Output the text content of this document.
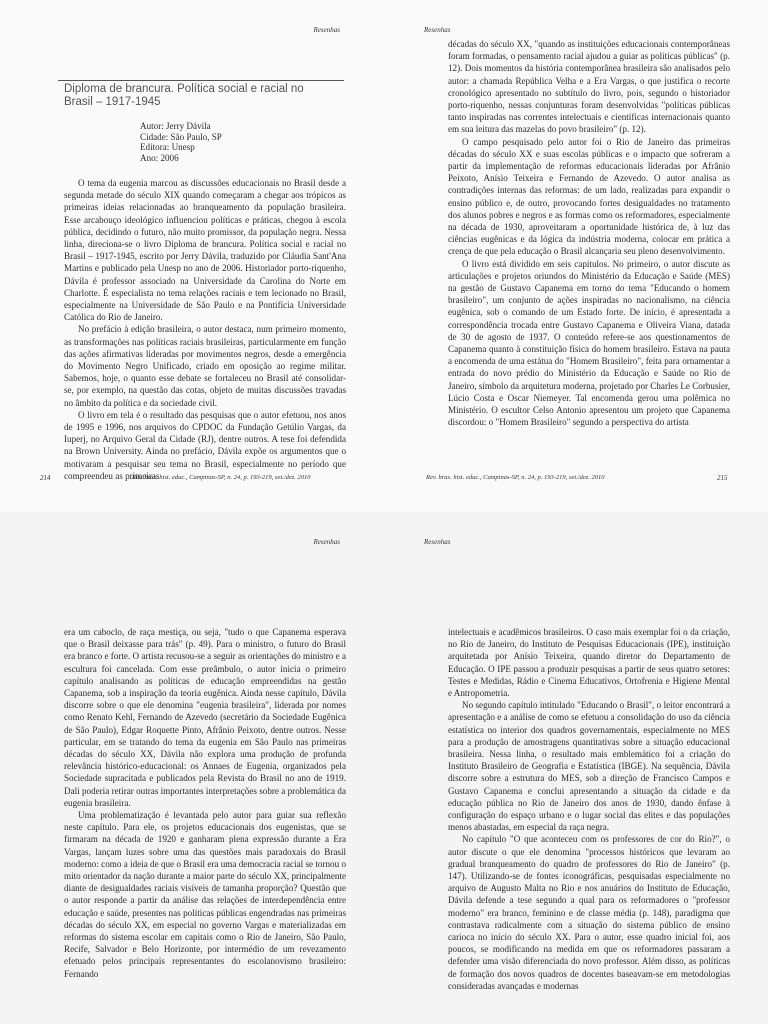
Resenhas
Diploma de brancura. Política social e racial no Brasil – 1917-1945
Autor: Jerry Dávila
Cidade: São Paulo, SP
Editora: Unesp
Ano: 2006

O tema da eugenia marcou as discussões educacionais no Brasil desde a segunda metade do século XIX quando começaram a chegar aos trópicos as primeiras ideias relacionadas ao branqueamento da população brasileira. Esse arcabouço ideológico influenciou políticas e práticas, chegou à escola pública, decidindo o futuro, não muito promissor, da população negra. Nessa linha, direciona-se o livro Diploma de brancura. Política social e racial no Brasil – 1917-1945, escrito por Jerry Dávila, traduzido por Cláudia Sant'Ana Martins e publicado pela Unesp no ano de 2006. Historiador porto-riquenho, Dávila é professor associado na Universidade da Carolina do Norte em Charlotte. É especialista no tema relações raciais e tem lecionado no Brasil, especialmente na Universidade de São Paulo e na Pontifícia Universidade Católica do Rio de Janeiro.

No prefácio à edição brasileira, o autor destaca, num primeiro momento, as transformações nas políticas raciais brasileiras, particularmente em função das ações afirmativas lideradas por movimentos negros, desde a emergência do Movimento Negro Unificado, criado em oposição ao regime militar. Sabemos, hoje, o quanto esse debate se fortaleceu no Brasil até consolidar-se, por exemplo, na questão das cotas, objeto de muitas discussões travadas no âmbito da política e da sociedade civil.

O livro em tela é o resultado das pesquisas que o autor efetuou, nos anos de 1995 e 1996, nos arquivos do CPDOC da Fundação Getúlio Vargas, da Iuperj, no Arquivo Geral da Cidade (RJ), dentre outros. A tese foi defendida na Brown University. Ainda no prefácio, Dávila expõe os argumentos que o motivaram a pesquisar seu tema no Brasil, especialmente no período que compreendeu as primeiras

214	Rev. bras. hist. educ., Campinas-SP, n. 24, p. 193-219, set./dez. 2010
Resenhas

décadas do século XX, "quando as instituições educacionais contemporâneas foram formadas, o pensamento racial ajudou a guiar as políticas públicas" (p. 12). Dois momentos da história contemporânea brasileira são analisados pelo autor: a chamada República Velha e a Era Vargas, o que justifica o recorte cronológico apresentado no subtítulo do livro, pois, segundo o historiador porto-riquenho, nessas conjunturas foram desenvolvidas "políticas públicas tanto inspiradas nas correntes intelectuais e científicas internacionais quanto em sua leitura das mazelas do povo brasileiro" (p. 12).

O campo pesquisado pelo autor foi o Rio de Janeiro das primeiras décadas do século XX e suas escolas públicas e o impacto que sofreram a partir da implementação de reformas educacionais lideradas por Afrânio Peixoto, Anísio Teixeira e Fernando de Azevedo. O autor analisa as contradições internas das reformas: de um lado, realizadas para expandir o ensino público e, de outro, provocando fortes desigualdades no tratamento dos alunos pobres e negros e as formas como os reformadores, especialmente na década de 1930, aproveitaram a oportunidade histórica de, à luz das ciências eugênicas e da lógica da indústria moderna, colocar em prática a crença de que pela educação o Brasil alcançaria seu pleno desenvolvimento.

O livro está dividido em seis capítulos. No primeiro, o autor discute as articulações e projetos oriundos do Ministério da Educação e Saúde (MES) na gestão de Gustavo Capanema em torno do tema "Educando o homem brasileiro", um conjunto de ações inspiradas no nacionalismo, na ciência eugênica, sob o comando de um Estado forte. De início, é apresentada a correspondência trocada entre Gustavo Capanema e Oliveira Viana, datada de 30 de agosto de 1937. O conteúdo refere-se aos questionamentos de Capanema quanto à constituição física do homem brasileiro. Estava na pauta a encomenda de uma estátua do "Homem Brasileiro", feita para ornamentar a entrada do novo prédio do Ministério da Educação e Saúde no Rio de Janeiro, símbolo da arquitetura moderna, projetado por Charles Le Corbusier, Lúcio Costa e Oscar Niemeyer. Tal encomenda gerou uma polêmica no Ministério. O escultor Celso Antonio apresentou um projeto que Capanema discordou: o "Homem Brasileiro" segundo a perspectiva do artista

Rev. bras. hist. educ., Campinas-SP, n. 24, p. 193-219, set./dez. 2010	215
Resenhas

era um caboclo, de raça mestiça, ou seja, "tudo o que Capanema esperava que o Brasil deixasse para trás" (p. 49). Para o ministro, o futuro do Brasil era branco e forte. O artista recusou-se a seguir as orientações do ministro e a escultura foi cancelada. Com esse preâmbulo, o autor inicia o primeiro capítulo analisando as políticas de educação empreendidas na gestão Capanema, sob a inspiração da teoria eugênica. Ainda nesse capítulo, Dávila discorre sobre o que ele denomina "eugenia brasileira", liderada por nomes como Renato Kehl, Fernando de Azevedo (secretário da Sociedade Eugênica de São Paulo), Edgar Roquette Pinto, Afrânio Peixoto, dentre outros. Nesse particular, em se tratando do tema da eugenia em São Paulo nas primeiras décadas do século XX, Dávila não explora uma produção de profunda relevância histórico-educacional: os Annaes de Eugenia, organizados pela Sociedade supracitada e publicados pela Revista do Brasil no ano de 1919. Dali poderia retirar outras importantes interpretações sobre a problemática da eugenia brasileira.

Uma problematização é levantada pelo autor para guiar sua reflexão neste capítulo. Para ele, os projetos educacionais dos eugenistas, que se firmaram na década de 1920 e ganharam plena expressão durante a Era Vargas, lançam luzes sobre uma das questões mais paradoxais do Brasil moderno: como a ideia de que o Brasil era uma democracia racial se tornou o mito orientador da nação durante a maior parte do século XX, principalmente diante de desigualdades raciais visíveis de tamanha proporção? Questão que o autor responde a partir da análise das relações de interdependência entre educação e saúde, presentes nas políticas públicas engendradas nas primeiras décadas do século XX, em especial no governo Vargas e materializadas em reformas do sistema escolar em capitais como o Rio de Janeiro, São Paulo, Recife, Salvador e Belo Horizonte, por intermédio de um revezamento efetuado pelos principais representantes do escolanovismo brasileiro: Fernando

Resenhas

intelectuais e acadêmicos brasileiros. O caso mais exemplar foi o da criação, no Rio de Janeiro, do Instituto de Pesquisas Educacionais (IPE), instituição arquitetada por Anísio Teixeira, quando diretor do Departamento de Educação. O IPE passou a produzir pesquisas a partir de seus quatro setores: Testes e Medidas, Rádio e Cinema Educativos, Ortofrenia e Higiene Mental e Antropometria.

No segundo capítulo intitulado "Educando o Brasil", o leitor encontrará a apresentação e a análise de como se efetuou a consolidação do uso da ciência estatística no interior dos quadros governamentais, especialmente no MES para a produção de amostragens quantitativas sobre a situação educacional brasileira. Nessa linha, o resultado mais emblemático foi a criação do Instituto Brasileiro de Geografia e Estatística (IBGE). Na sequência, Dávila discorre sobre a estrutura do MES, sob a direção de Francisco Campos e Gustavo Capanema e conclui apresentando a situação da cidade e da educação pública no Rio de Janeiro dos anos de 1930, dando ênfase à configuração do espaço urbano e o lugar social das elites e das populações menos abastadas, em especial da raça negra.

No capítulo "O que aconteceu com os professores de cor do Rio?", o autor discute o que ele denomina "processos históricos que levaram ao gradual branqueamento do quadro de professores do Rio de Janeiro" (p. 147). Utilizando-se de fontes iconográficas, pesquisadas especialmente no arquivo de Augusto Malta no Rio e nos anuários do Instituto de Educação, Dávila defende a tese segundo a qual para os reformadores o "professor moderno" era branco, feminino e de classe média (p. 148), paradigma que contrastava radicalmente com a situação do sistema público de ensino carioca no início do século XX. Para o autor, esse quadro inicial foi, aos poucos, se modificando na medida em que os reformadores passaram a defender uma visão diferenciada do novo professor. Além disso, as políticas de formação dos novos quadros de docentes baseavam-se em metodologias consideradas avançadas e modernas
